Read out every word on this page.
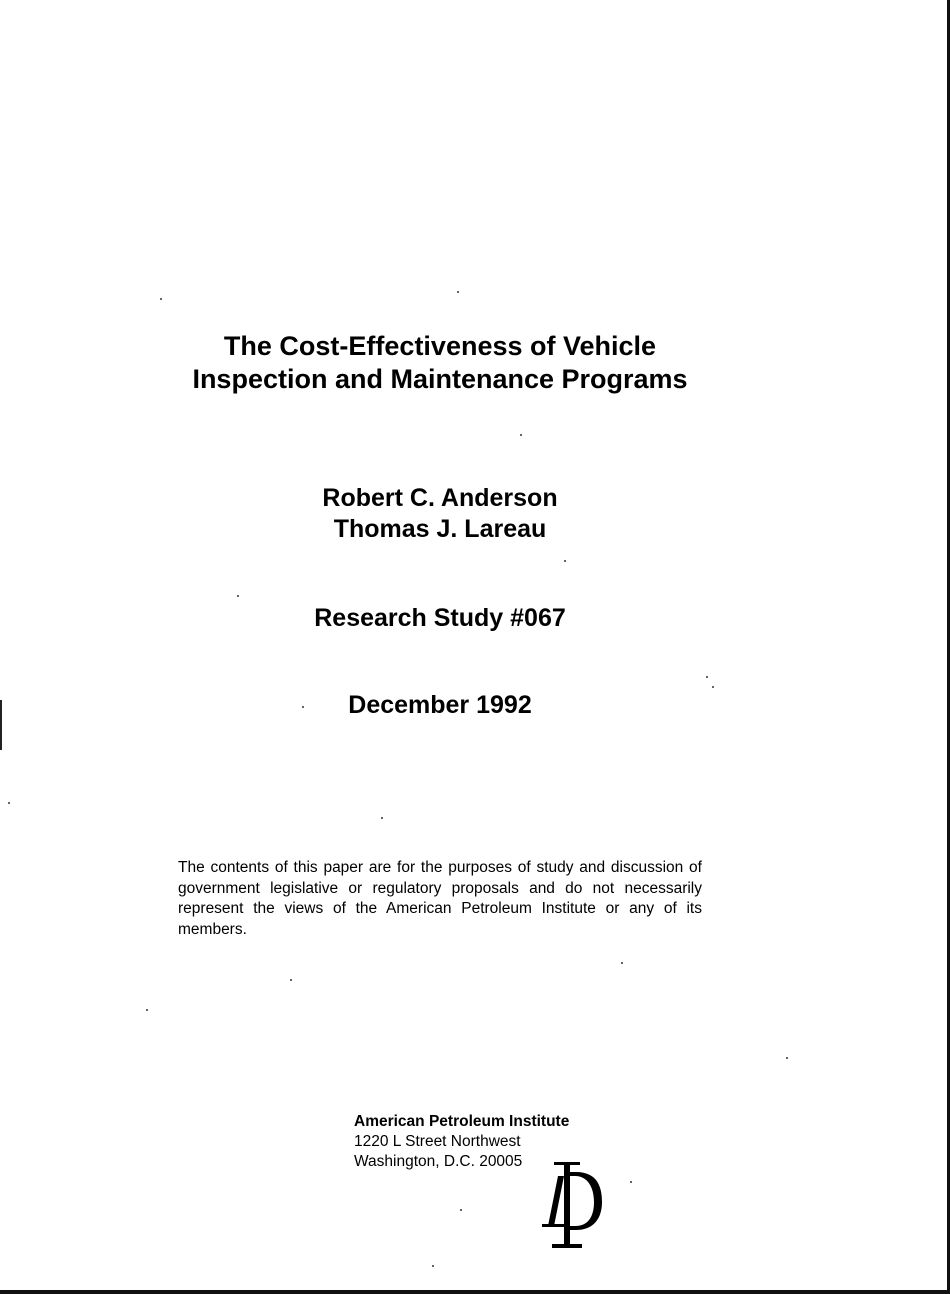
The Cost-Effectiveness of Vehicle
Inspection and Maintenance Programs
Robert C. Anderson
Thomas J. Lareau
Research Study #067
December 1992
The contents of this paper are for the purposes of study and discussion of government legislative or regulatory proposals and do not necessarily represent the views of the American Petroleum Institute or any of its members.
American Petroleum Institute
1220 L Street Northwest
Washington, D.C. 20005
